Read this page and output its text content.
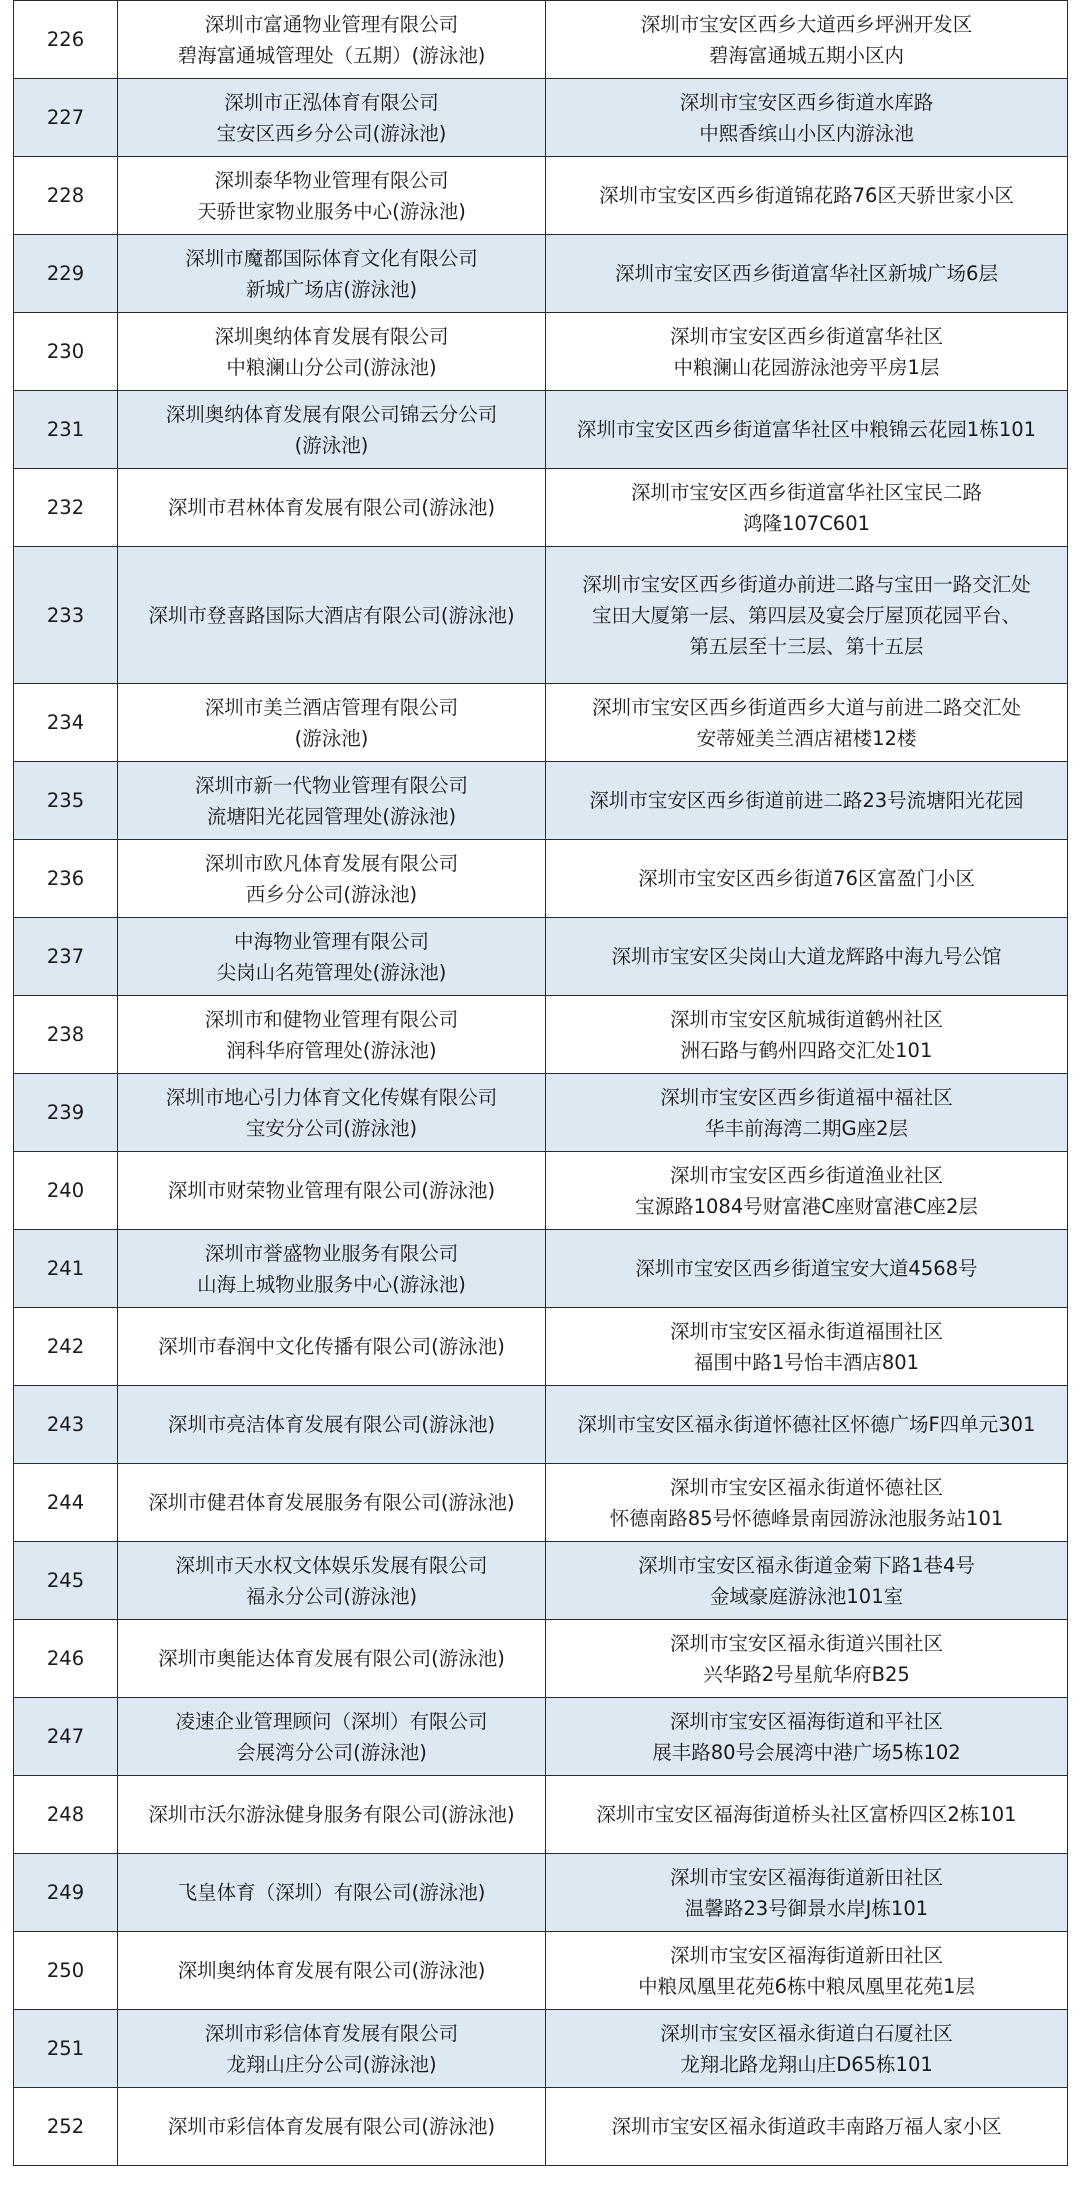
226	深圳市富通物业管理有限公司
碧海富通城管理处（五期）(游泳池)	深圳市宝安区西乡大道西乡坪洲开发区
碧海富通城五期小区内

227	深圳市正泓体育有限公司
宝安区西乡分公司(游泳池)	深圳市宝安区西乡街道水库路
中熙香缤山小区内游泳池

228	深圳泰华物业管理有限公司
天骄世家物业服务中心(游泳池)	深圳市宝安区西乡街道锦花路76区天骄世家小区

229	深圳市魔都国际体育文化有限公司
新城广场店(游泳池)	深圳市宝安区西乡街道富华社区新城广场6层

230	深圳奥纳体育发展有限公司
中粮澜山分公司(游泳池)	深圳市宝安区西乡街道富华社区
中粮澜山花园游泳池旁平房1层

231	深圳奥纳体育发展有限公司锦云分公司
(游泳池)	深圳市宝安区西乡街道富华社区中粮锦云花园1栋101

232	深圳市君林体育发展有限公司(游泳池)	深圳市宝安区西乡街道富华社区宝民二路
鸿隆107C601

233	深圳市登喜路国际大酒店有限公司(游泳池)	深圳市宝安区西乡街道办前进二路与宝田一路交汇处
宝田大厦第一层、第四层及宴会厅屋顶花园平台、
第五层至十三层、第十五层

234	深圳市美兰酒店管理有限公司
(游泳池)	深圳市宝安区西乡街道西乡大道与前进二路交汇处
安蒂娅美兰酒店裙楼12楼

235	深圳市新一代物业管理有限公司
流塘阳光花园管理处(游泳池)	深圳市宝安区西乡街道前进二路23号流塘阳光花园

236	深圳市欧凡体育发展有限公司
西乡分公司(游泳池)	深圳市宝安区西乡街道76区富盈门小区

237	中海物业管理有限公司
尖岗山名苑管理处(游泳池)	深圳市宝安区尖岗山大道龙辉路中海九号公馆

238	深圳市和健物业管理有限公司
润科华府管理处(游泳池)	深圳市宝安区航城街道鹤州社区
洲石路与鹤州四路交汇处101

239	深圳市地心引力体育文化传媒有限公司
宝安分公司(游泳池)	深圳市宝安区西乡街道福中福社区
华丰前海湾二期G座2层

240	深圳市财荣物业管理有限公司(游泳池)	深圳市宝安区西乡街道渔业社区
宝源路1084号财富港C座财富港C座2层

241	深圳市誉盛物业服务有限公司
山海上城物业服务中心(游泳池)	深圳市宝安区西乡街道宝安大道4568号

242	深圳市春润中文化传播有限公司(游泳池)	深圳市宝安区福永街道福围社区
福围中路1号怡丰酒店801

243	深圳市亮洁体育发展有限公司(游泳池)	深圳市宝安区福永街道怀德社区怀德广场F四单元301

244	深圳市健君体育发展服务有限公司(游泳池)	深圳市宝安区福永街道怀德社区
怀德南路85号怀德峰景南园游泳池服务站101

245	深圳市天水权文体娱乐发展有限公司
福永分公司(游泳池)	深圳市宝安区福永街道金菊下路1巷4号
金域豪庭游泳池101室

246	深圳市奥能达体育发展有限公司(游泳池)	深圳市宝安区福永街道兴围社区
兴华路2号星航华府B25

247	凌速企业管理顾问（深圳）有限公司
会展湾分公司(游泳池)	深圳市宝安区福海街道和平社区
展丰路80号会展湾中港广场5栋102

248	深圳市沃尔游泳健身服务有限公司(游泳池)	深圳市宝安区福海街道桥头社区富桥四区2栋101

249	飞皇体育（深圳）有限公司(游泳池)	深圳市宝安区福海街道新田社区
温馨路23号御景水岸J栋101

250	深圳奥纳体育发展有限公司(游泳池)	深圳市宝安区福海街道新田社区
中粮凤凰里花苑6栋中粮凤凰里花苑1层

251	深圳市彩信体育发展有限公司
龙翔山庄分公司(游泳池)	深圳市宝安区福永街道白石厦社区
龙翔北路龙翔山庄D65栋101

252	深圳市彩信体育发展有限公司(游泳池)	深圳市宝安区福永街道政丰南路万福人家小区
